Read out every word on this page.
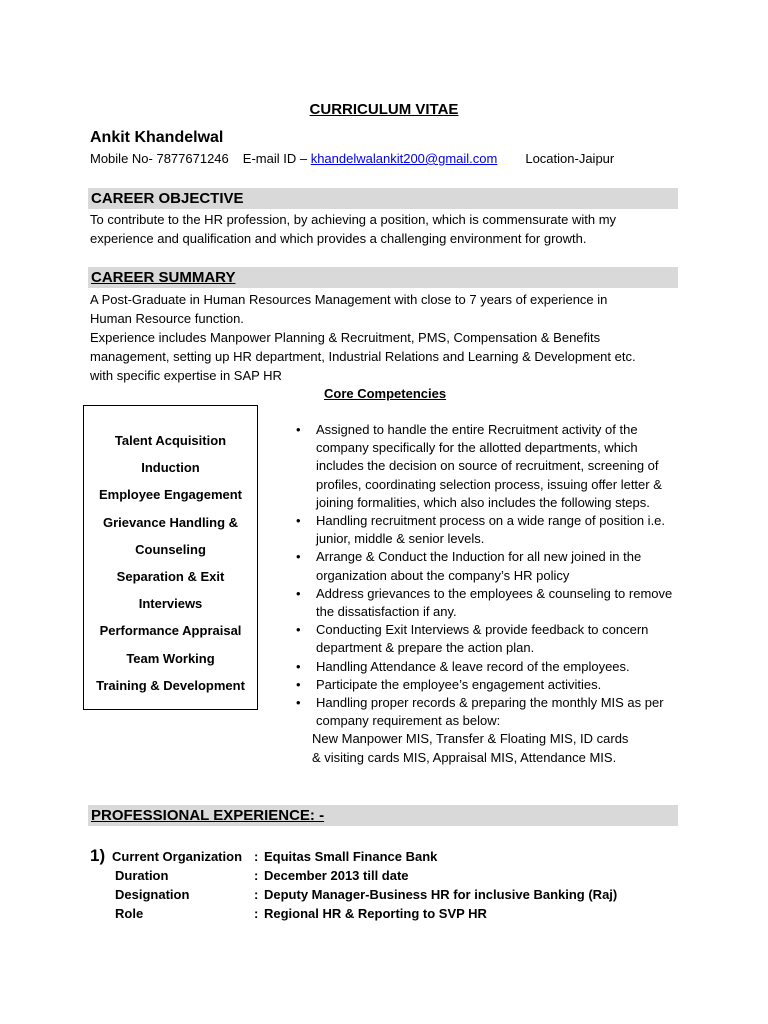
CURRICULUM VITAE
Ankit Khandelwal
Mobile No- 7877671246 E-mail ID – khandelwalankit200@gmail.com Location-Jaipur
CAREER OBJECTIVE

To contribute to the HR profession, by achieving a position, which is commensurate with my

experience and qualification and which provides a challenging environment for growth.

CAREER SUMMARY

A Post-Graduate in Human Resources Management with close to 7 years of experience in

Human Resource function.

Experience includes Manpower Planning & Recruitment, PMS, Compensation & Benefits

management, setting up HR department, Industrial Relations and Learning & Development etc.

with specific expertise in SAP HR

Core Competencies
Talent Acquisition
Induction
Employee Engagement
Grievance Handling &
Counseling
Separation & Exit
Interviews
Performance Appraisal
Team Working
Training & Development
• Assigned to handle the entire Recruitment activity of the company specifically for the allotted departments, which includes the decision on source of recruitment, screening of profiles, coordinating selection process, issuing offer letter & joining formalities, which also includes the following steps.
• Handling recruitment process on a wide range of position i.e. junior, middle & senior levels.
• Arrange & Conduct the Induction for all new joined in the organization about the company’s HR policy
• Address grievances to the employees & counseling to remove the dissatisfaction if any.
• Conducting Exit Interviews & provide feedback to concern department & prepare the action plan.
• Handling Attendance & leave record of the employees.
• Participate the employee’s engagement activities.
• Handling proper records & preparing the monthly MIS as per company requirement as below:
New Manpower MIS, Transfer & Floating MIS, ID cards
& visiting cards MIS, Appraisal MIS, Attendance MIS.
PROFESSIONAL EXPERIENCE: -
1) Current Organization : Equitas Small Finance Bank
Duration	: December 2013 till date
Designation	: Deputy Manager-Business HR for inclusive Banking (Raj)
Role	: Regional HR & Reporting to SVP HR
